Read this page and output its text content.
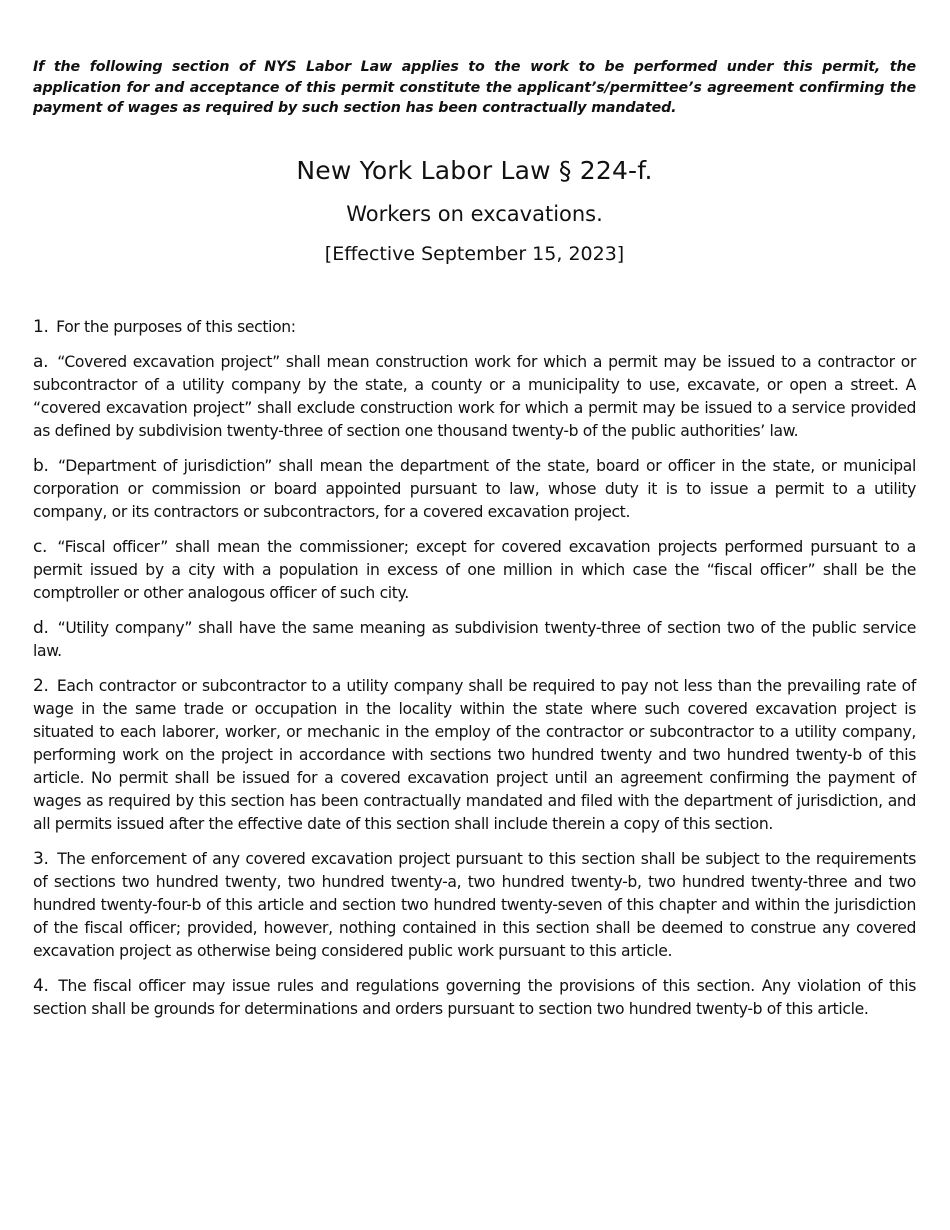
If the following section of NYS Labor Law applies to the work to be performed under this permit, the application for and acceptance of this permit constitute the applicant’s/permittee’s agreement confirming the payment of wages as required by such section has been contractually mandated.

New York Labor Law § 224-f.
Workers on excavations.
[Effective September 15, 2023]

1. For the purposes of this section:

a. “Covered excavation project” shall mean construction work for which a permit may be issued to a contractor or subcontractor of a utility company by the state, a county or a municipality to use, excavate, or open a street. A “covered excavation project” shall exclude construction work for which a permit may be issued to a service provided as defined by subdivision twenty-three of section one thousand twenty-b of the public authorities’ law.

b. “Department of jurisdiction” shall mean the department of the state, board or officer in the state, or municipal corporation or commission or board appointed pursuant to law, whose duty it is to issue a permit to a utility company, or its contractors or subcontractors, for a covered excavation project.

c. “Fiscal officer” shall mean the commissioner; except for covered excavation projects performed pursuant to a permit issued by a city with a population in excess of one million in which case the “fiscal officer” shall be the comptroller or other analogous officer of such city.

d. “Utility company” shall have the same meaning as subdivision twenty-three of section two of the public service law.

2. Each contractor or subcontractor to a utility company shall be required to pay not less than the prevailing rate of wage in the same trade or occupation in the locality within the state where such covered excavation project is situated to each laborer, worker, or mechanic in the employ of the contractor or subcontractor to a utility company, performing work on the project in accordance with sections two hundred twenty and two hundred twenty-b of this article. No permit shall be issued for a covered excavation project until an agreement confirming the payment of wages as required by this section has been contractually mandated and filed with the department of jurisdiction, and all permits issued after the effective date of this section shall include therein a copy of this section.

3. The enforcement of any covered excavation project pursuant to this section shall be subject to the requirements of sections two hundred twenty, two hundred twenty-a, two hundred twenty-b, two hundred twenty-three and two hundred twenty-four-b of this article and section two hundred twenty-seven of this chapter and within the jurisdiction of the fiscal officer; provided, however, nothing contained in this section shall be deemed to construe any covered excavation project as otherwise being considered public work pursuant to this article.

4. The fiscal officer may issue rules and regulations governing the provisions of this section. Any violation of this section shall be grounds for determinations and orders pursuant to section two hundred twenty-b of this article.
